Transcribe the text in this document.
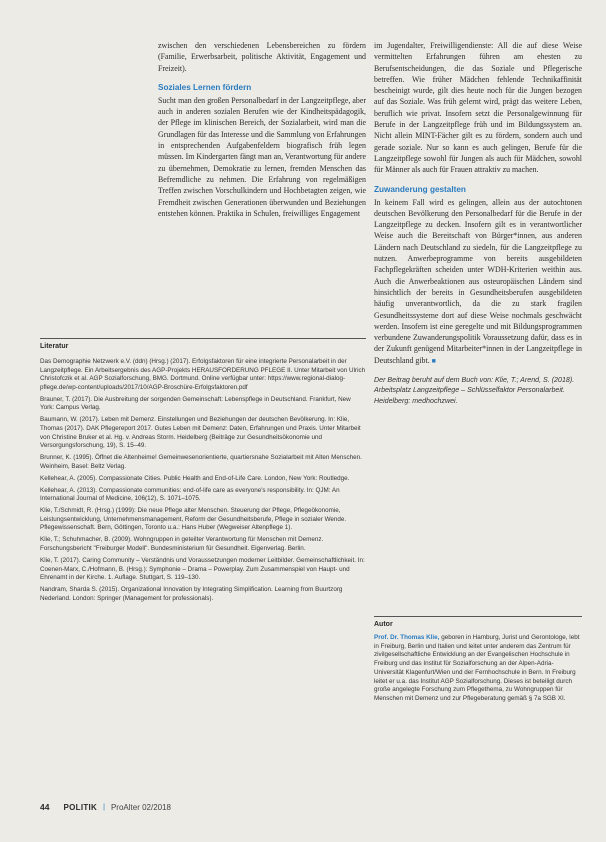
zwischen den verschiedenen Lebensbereichen zu fördern (Familie, Erwerbsarbeit, politische Aktivität, Engagement und Freizeit).

Soziales Lernen fördern

Sucht man den großen Personalbedarf in der Langzeitpflege, aber auch in anderen sozialen Berufen wie der Kindheitspädagogik, der Pflege im klinischen Bereich, der Sozialarbeit, wird man die Grundlagen für das Interesse und die Sammlung von Erfahrungen in entsprechenden Aufgabenfeldern biografisch früh legen müssen. Im Kindergarten fängt man an, Verantwortung für andere zu übernehmen, Demokratie zu lernen, fremden Menschen das Befremdliche zu nehmen. Die Erfahrung von regelmäßigen Treffen zwischen Vorschulkindern und Hochbetagten zeigen, wie Fremdheit zwischen Generationen überwunden und Beziehungen entstehen können. Praktika in Schulen, freiwilliges Engagement

im Jugendalter, Freiwilligendienste: All die auf diese Weise vermittelten Erfahrungen führen am ehesten zu Berufsentscheidungen, die das Soziale und Pflegerische betreffen. Wie früher Mädchen fehlende Technikaffinität bescheinigt wurde, gilt dies heute noch für die Jungen bezogen auf das Soziale. Was früh gelernt wird, prägt das weitere Leben, beruflich wie privat. Insofern setzt die Personalgewinnung für Berufe in der Langzeitpflege früh und im Bildungssystem an. Nicht allein MINT-Fächer gilt es zu fördern, sondern auch und gerade soziale. Nur so kann es auch gelingen, Berufe für die Langzeitpflege sowohl für Jungen als auch für Mädchen, sowohl für Männer als auch für Frauen attraktiv zu machen.

Zuwanderung gestalten

In keinem Fall wird es gelingen, allein aus der autochtonen deutschen Bevölkerung den Personalbedarf für die Berufe in der Langzeitpflege zu decken. Insofern gilt es in verantwortlicher Weise auch die Bereitschaft von Bürger*innen, aus anderen Ländern nach Deutschland zu siedeln, für die Langzeitpflege zu nutzen. Anwerbeprogramme von bereits ausgebildeten Fachpflegekräften scheiden unter WDH-Kriterien weithin aus. Auch die Anwerbeaktionen aus osteuropäischen Ländern sind hinsichtlich der bereits in Gesundheitsberufen ausgebildeten häufig unverantwortlich, da die zu stark fragilen Gesundheitssysteme dort auf diese Weise nochmals geschwächt werden. Insofern ist eine geregelte und mit Bildungsprogrammen verbundene Zuwanderungspolitik Voraussetzung dafür, dass es in der Zukunft genügend Mitarbeiter*innen in der Langzeitpflege in Deutschland gibt. ■

Der Beitrag beruht auf dem Buch von: Klie, T.; Arend, S. (2018). Arbeitsplatz Langzeitpflege – Schlüsselfaktor Personalarbeit. Heidelberg: medhochzwei.

Literatur

Das Demographie Netzwerk e.V. (ddn) (Hrsg.) (2017). Erfolgsfaktoren für eine integrierte Personalarbeit in der Langzeitpflege. Ein Arbeitsergebnis des AGP-Projekts HERAUSFORDERUNG PFLEGE II. Unter Mitarbeit von Ulrich Christofczik et al. AGP Sozialforschung, BMG. Dortmund. Online verfügbar unter: https://www.regional-dialog-pflege.de/wp-content/uploads/2017/10/AGP-Broschüre-Erfolgsfaktoren.pdf

Brauner, T. (2017). Die Ausbreitung der sorgenden Gemeinschaft: Lebenspflege in Deutschland. Frankfurt, New York: Campus Verlag.

Baumann, W. (2017). Leben mit Demenz. Einstellungen und Beziehungen der deutschen Bevölkerung. In: Klie, Thomas (2017). DAK Pflegereport 2017. Gutes Leben mit Demenz: Daten, Erfahrungen und Praxis. Unter Mitarbeit von Christine Bruker et al. Hg. v. Andreas Storm. Heidelberg (Beiträge zur Gesundheitsökonomie und Versorgungsforschung, 19), S. 15–49.

Brunner, K. (1995). Öffnet die Altenheime! Gemeinwesenorientierte, quartiersnahe Sozialarbeit mit Alten Menschen. Weinheim, Basel: Beltz Verlag.

Kellehear, A. (2005). Compassionate Cities. Public Health and End-of-Life Care. London, New York: Routledge.

Kellehear, A. (2013). Compassionate communities: end-of-life care as everyone's responsibility. In: QJM: An International Journal of Medicine, 106(12), S. 1071–1075.

Klie, T./Schmidt, R. (Hrsg.) (1999): Die neue Pflege alter Menschen. Steuerung der Pflege, Pflegeökonomie, Leistungsentwicklung, Unternehmensmanagement, Reform der Gesundheitsberufe, Pflege in sozialer Wende. Pflegewissenschaft. Bern, Göttingen, Toronto u.a.: Hans Huber (Wegweiser Altenpflege 1).

Klie, T.; Schuhmacher, B. (2009). Wohngruppen in geteilter Verantwortung für Menschen mit Demenz. Forschungsbericht "Freiburger Modell". Bundesministerium für Gesundheit. Eigenverlag. Berlin.

Klie, T. (2017). Caring Community – Verständnis und Voraussetzungen moderner Leitbilder. Gemeinschaftlichkeit. In: Coenen-Marx, C./Hofmann, B. (Hrsg.): Symphonie – Drama – Powerplay. Zum Zusammenspiel von Haupt- und Ehrenamt in der Kirche. 1. Auflage. Stuttgart, S. 119–130.

Nandram, Sharda S. (2015). Organizational Innovation by Integrating Simplification. Learning from Buurtzorg Nederland. London: Springer (Management for professionals).

Autor

Prof. Dr. Thomas Klie, geboren in Hamburg, Jurist und Gerontologe, lebt in Freiburg, Berlin und Italien und leitet unter anderem das Zentrum für zivilgesellschaftliche Entwicklung an der Evangelischen Hochschule in Freiburg und das Institut für Sozialforschung an der Alpen-Adria-Universität Klagenfurt/Wien und der Fernhochschule in Bern. In Freiburg leitet er u.a. das Institut AGP Sozialforschung. Dieses ist beteiligt durch große angelegte Forschung zum Pflegethema, zu Wohngruppen für Menschen mit Demenz und zur Pflegeberatung gemäß § 7a SGB XI.

44 POLITIK | ProAlter 02/2018
